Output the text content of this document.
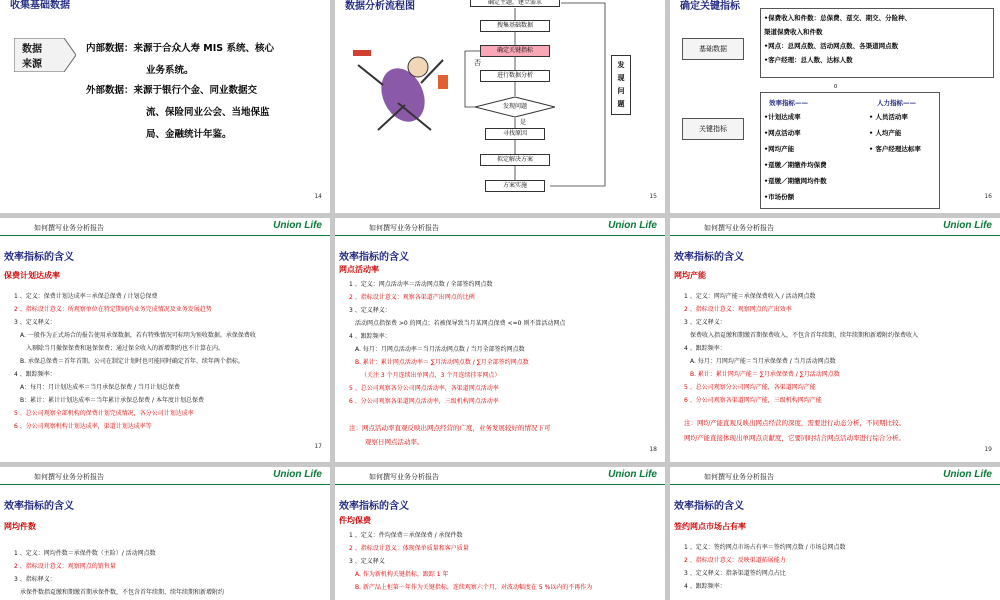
收集基础数据
数据
来源
内部数据：来源于合众人寿 MIS 系统、核心
业务系统。
外部数据：来源于银行个金、同业数据交
流、保险同业公会、当地保监
局、金融统计年鉴。
14
数据分析流程图	确定主题，建立需求
搜集基础数据
确定关键指标
进行数据分析
发现问题
是
寻找原因
拟定解决方案
方案实施
否	发
现
问
题
15
确定关键指标
基础数据
•保费收入和件数：总保费、趸交、期交、分险种、
渠道保费收入和件数
•网点：总网点数、活动网点数、各渠道网点数
•客户经理：总人数、达标人数
0
关键指标
效率指标——
•计划达成率
•网点活动率
•网均产能
•趸缴／期缴件均保费
•趸缴／期缴网均件数
•市场份额
人力指标——
• 人员活动率
• 人均产能
• 客户经理达标率
16
如何撰写业务分析报告	Union Life
效率指标的含义
保费计划达成率

1 、定义：保费计划达成率＝承保总保费 / 计划总保费

2 、指标设计意义：所观察单位在特定期间内业务完成情况及业务发展趋势

3 、定义释义：

A. 一般作为正式场合的报告使用承保数据，若有特殊情况可标明为预收数据。承保保费收

入剔除当月撤保保费和退保保费；通过保全收入的新增期约也不计算在内。

B. 承保总保费＝首年首期。公司在制定计划时也可能同时确定首年、续年两个指标。

4 、跟踪频率：

A：每月：月计划达成率＝当月承保总保费 / 当月计划总保费

B：累计：累计计划达成率＝当年累计承保总保费 / 本年度计划总保费

5 、总公司观察全部机构的保费计划完成情况，各分公司计划达成率

6 、分公司观察机构计划达成率，渠道计划达成率等

17
如何撰写业务分析报告	Union Life
效率指标的含义
网点活动率

1 、定义：网点活动率＝活动网点数 / 全部签约网点数

2 、指标设计意义：观察各渠道产出网点的比例

3 、定义释义：

活动网点指保费 >0 的网点；若被保导致当月某网点保费 <=0 则不算活动网点

4 、跟踪频率：

A. 每月：月网点活动率＝当月活动网点数 / 当月全部签约网点数

B. 累计：累计网点活动率＝ ∑月活动网点数 / ∑月全部签约网点数

（关注 3 个月连续出单网点，3 个月连续挂零网点）

5 、总公司观察各分公司网点活动率，各渠道网点活动率

6 、分公司观察各渠道网点活动率，三级机构网点活动率

注：网点活动率直观反映出网点经营的广度，业务发展较好的情况下可
观察日网点活动率。
18
如何撰写业务分析报告	Union Life
效率指标的含义
网均产能

1 、定义：网均产能＝承保保费收入 / 活动网点数

2 、指标设计意义：观察网点的产出效率

3 、定义释义：

保费收入指趸缴和期缴首期保费收入，不包含首年续期、续年续期和新增附约保费收入

4 、跟踪频率：

A. 每月：月网均产能＝当月承保保费 / 当月活动网点数

B. 累计：累计网均产能＝ ∑月承保保费 / ∑月活动网点数

5 、总公司观察分公司网均产能，各渠道网均产能

6 、分公司观察各渠道网均产能，三级机构网均产能

注：网均产能直观反映出网点经营的深度，需要进行动态分析，不同期比较。
网均产能直接体现出单网点贡献度，它要同时结合网点活动率进行综合分析。
19
如何撰写业务分析报告	Union Life
效率指标的含义
网均件数

1 、定义：网均件数＝承保件数（主险）/ 活动网点数

2 、指标设计意义：观察网点的销售量

3 、指标释义：

承保件数指趸缴和期缴首期承保件数，不包含首年续期、续年续期和新增附约

如何撰写业务分析报告	Union Life
效率指标的含义
件均保费

1 、定义：件均保费＝承保保费 / 承保件数

2 、指标设计意义：体现保单质量和客户质量

3 、定义释义

A. 作为新机构关键指标，跟踪 1 年

B. 新产品上柜第一年作为关键指标，连续观察六个月，对波动幅度在 5 %以内的不再作为

如何撰写业务分析报告	Union Life
效率指标的含义
签约网点市场占有率

1 、定义：签约网点市场占有率＝签约网点数 / 市场总网点数

2 、指标设计意义：反映渠道拓展能力

3 、定义释义：指条渠道签约网点占比

4 、跟踪频率：
